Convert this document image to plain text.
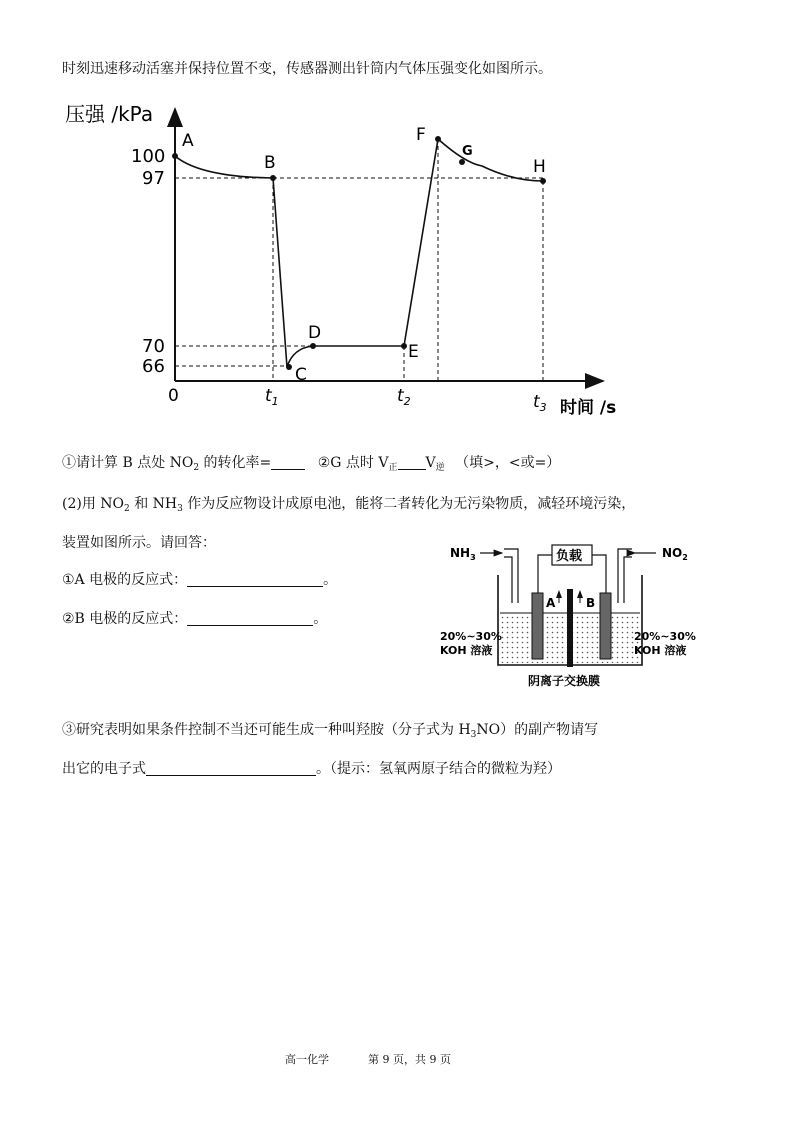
时刻迅速移动活塞并保持位置不变，传感器测出针筒内气体压强变化如图所示。
压强 /kPa
时间 /s
0
100
97
70
66
$t_1$	$t_2$	$t_3$
A
B
C
D
E
F
G
H
①请计算 B 点处 $NO_2$ 的转化率=	②G 点时 $V_正$ $V_逆$ （填>，<或=）
(2)用 $NO_2$ 和 $NH_3$ 作为反应物设计成原电池，能将二者转化为无污染物质，减轻环境污染，
装置如图所示。请回答：
①A 电极的反应式：	。
②B 电极的反应式：	。
$NH_3$	$NO_2$
负载
A	B
20%~30%
KOH 溶液
20%~30%
KOH 溶液
阴离子交换膜
③研究表明如果条件控制不当还可能生成一种叫羟胺（分子式为 $H_3NO$）的副产物请写
出它的电子式	。（提示：氢氧两原子结合的微粒为羟）
高一化学	第 9 页，共 9 页
